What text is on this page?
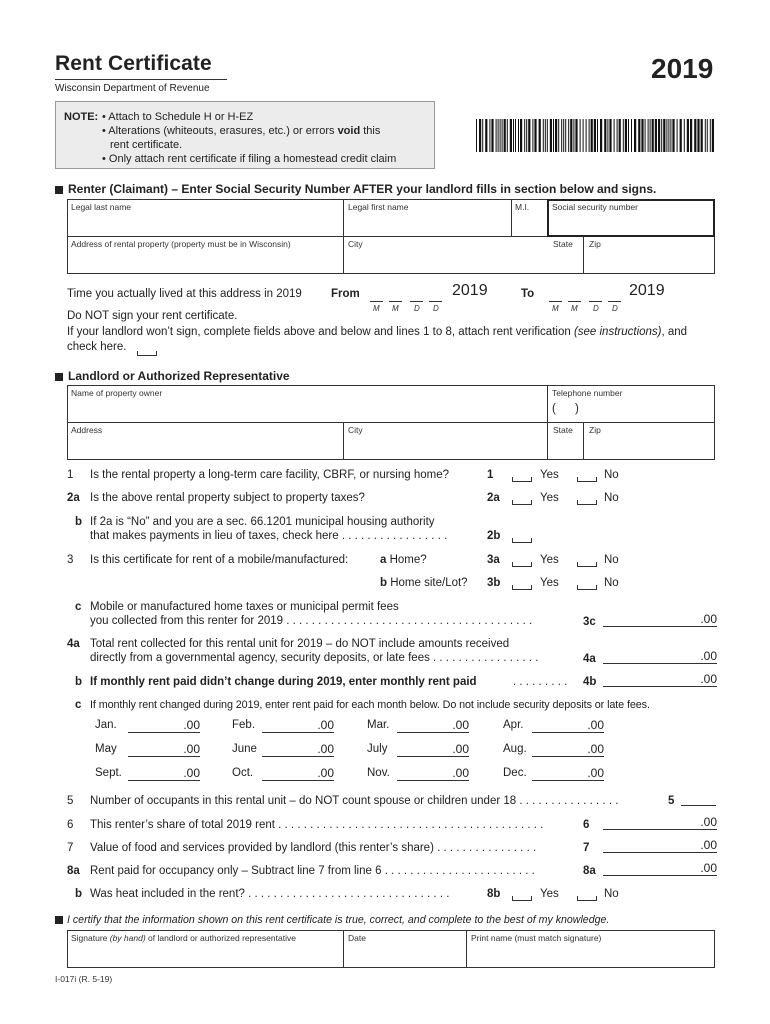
Rent Certificate
Wisconsin Department of Revenue
2019
NOTE: • Attach to Schedule H or H-EZ
• Alterations (whiteouts, erasures, etc.) or errors void this
rent certificate.
• Only attach rent certificate if filing a homestead credit claim
Renter (Claimant) – Enter Social Security Number AFTER your landlord fills in section below and signs.
Legal last name	Legal first name	M.I.	Social security number
Address of rental property (property must be in Wisconsin)	City	State Zip
Time you actually lived at this address in 2019	From	To
M M D D
2019
M M D D
2019
Do NOT sign your rent certificate.
If your landlord won’t sign, complete fields above and below and lines 1 to 8, attach rent verification (see instructions), and
check here.
Landlord or Authorized Representative
Name of property owner	Telephone number
(      )
Address	City	State Zip
1 Is the rental property a long-term care facility, CBRF, or nursing home?	1	Yes	No
2a Is the above rental property subject to property taxes?	2a	Yes	No
b If 2a is “No” and you are a sec. 66.1201 municipal housing authority
that makes payments in lieu of taxes, check here . . . . . . . . . . . . . . . . .	2b
3 Is this certificate for rent of a mobile/manufactured:	a Home?	3a	Yes	No
b Home site/Lot? 3b	Yes	No
c Mobile or manufactured home taxes or municipal permit fees
you collected from this renter for 2019 . . . . . . . . . . . . . . . . . . . . . . . . . . . . . . . . . . . . . . .	3c	.00
4a Total rent collected for this rental unit for 2019 – do NOT include amounts received
directly from a governmental agency, security deposits, or late fees . . . . . . . . . . . . . . . . .	4a	.00
b If monthly rent paid didn’t change during 2019, enter monthly rent paid	. . . . . . . . . 4b	.00
c If monthly rent changed during 2019, enter rent paid for each month below. Do not include security deposits or late fees.
Jan.	.00	Feb.	.00	Mar.	.00	Apr.	.00
May	.00	June	.00	July	.00	Aug.	.00
Sept.	.00	Oct.	.00	Nov.	.00	Dec.	.00
5 Number of occupants in this rental unit – do NOT count spouse or children under 18 . . . . . . . . . . . . . . . .	5
6 This renter’s share of total 2019 rent . . . . . . . . . . . . . . . . . . . . . . . . . . . . . . . . . . . . . . . . . .	6	.00
7 Value of food and services provided by landlord (this renter’s share) . . . . . . . . . . . . . . . .	7	.00
8a Rent paid for occupancy only – Subtract line 7 from line 6 . . . . . . . . . . . . . . . . . . . . . . . .	8a	.00
b Was heat included in the rent? . . . . . . . . . . . . . . . . . . . . . . . . . . . . . . . .	8b	Yes	No
I certify that the information shown on this rent certificate is true, correct, and complete to the best of my knowledge.
Signature (by hand) of landlord or authorized representative	Date	Print name (must match signature)
I-017i (R. 5-19)
